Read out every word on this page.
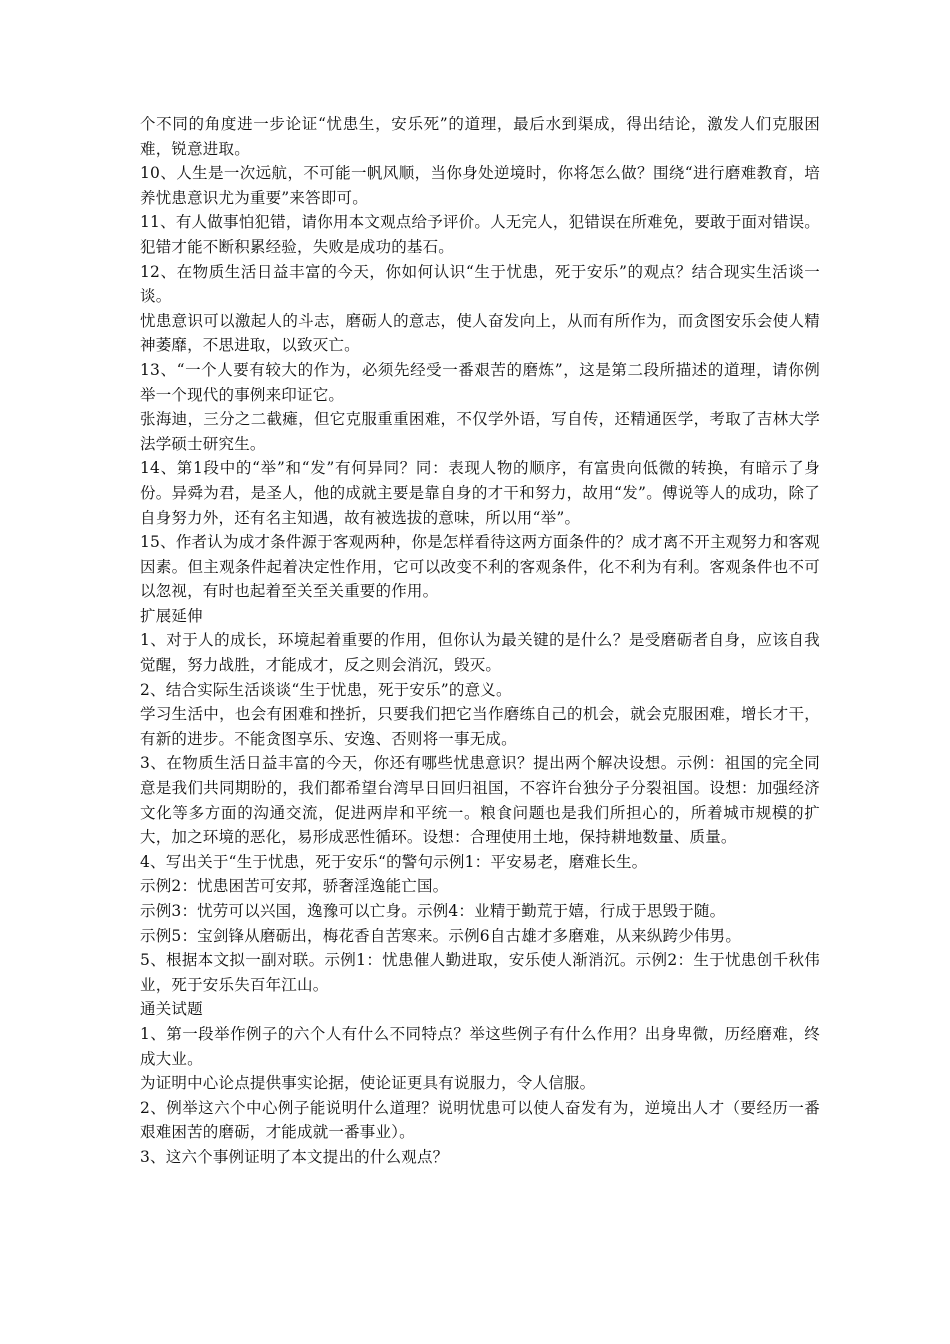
个不同的角度进一步论证“忧患生，安乐死”的道理，最后水到渠成，得出结论，激发人们克服困难，锐意进取。

10、人生是一次远航，不可能一帆风顺，当你身处逆境时，你将怎么做？围绕“进行磨难教育，培养忧患意识尤为重要”来答即可。

11、有人做事怕犯错，请你用本文观点给予评价。人无完人，犯错误在所难免，要敢于面对错误。犯错才能不断积累经验，失败是成功的基石。

12、在物质生活日益丰富的今天，你如何认识“生于忧患，死于安乐”的观点？结合现实生活谈一谈。

忧患意识可以激起人的斗志，磨砺人的意志，使人奋发向上，从而有所作为，而贪图安乐会使人精神萎靡，不思进取，以致灭亡。

13、“一个人要有较大的作为，必须先经受一番艰苦的磨炼”，这是第二段所描述的道理，请你例举一个现代的事例来印证它。

张海迪，三分之二截瘫，但它克服重重困难，不仅学外语，写自传，还精通医学，考取了吉林大学法学硕士研究生。

14、第1段中的“举”和“发”有何异同？同：表现人物的顺序，有富贵向低微的转换，有暗示了身份。异舜为君，是圣人，他的成就主要是靠自身的才干和努力，故用“发”。傅说等人的成功，除了自身努力外，还有名主知遇，故有被选拔的意味，所以用“举”。

15、作者认为成才条件源于客观两种，你是怎样看待这两方面条件的？成才离不开主观努力和客观因素。但主观条件起着决定性作用，它可以改变不利的客观条件，化不利为有利。客观条件也不可以忽视，有时也起着至关至关重要的作用。

扩展延伸

1、对于人的成长，环境起着重要的作用，但你认为最关键的是什么？是受磨砺者自身，应该自我觉醒，努力战胜，才能成才，反之则会消沉，毁灭。

2、结合实际生活谈谈“生于忧患，死于安乐”的意义。

学习生活中，也会有困难和挫折，只要我们把它当作磨练自己的机会，就会克服困难，增长才干，有新的进步。不能贪图享乐、安逸、否则将一事无成。

3、在物质生活日益丰富的今天，你还有哪些忧患意识？提出两个解决设想。示例：祖国的完全同意是我们共同期盼的，我们都希望台湾早日回归祖国，不容许台独分子分裂祖国。设想：加强经济文化等多方面的沟通交流，促进两岸和平统一。粮食问题也是我们所担心的，所着城市规模的扩大，加之环境的恶化，易形成恶性循环。设想：合理使用土地，保持耕地数量、质量。

4、写出关于“生于忧患，死于安乐“的警句示例1：平安易老，磨难长生。

示例2：忧患困苦可安邦，骄奢淫逸能亡国。

示例3：忧劳可以兴国，逸豫可以亡身。示例4：业精于勤荒于嬉，行成于思毁于随。

示例5：宝剑锋从磨砺出，梅花香自苦寒来。示例6自古雄才多磨难，从来纵跨少伟男。

5、根据本文拟一副对联。示例1：忧患催人勤进取，安乐使人渐消沉。示例2：生于忧患创千秋伟业，死于安乐失百年江山。

通关试题

1、第一段举作例子的六个人有什么不同特点？举这些例子有什么作用？出身卑微，历经磨难，终成大业。

为证明中心论点提供事实论据，使论证更具有说服力，令人信服。

2、例举这六个中心例子能说明什么道理？说明忧患可以使人奋发有为，逆境出人才（要经历一番艰难困苦的磨砺，才能成就一番事业）。

3、这六个事例证明了本文提出的什么观点？
